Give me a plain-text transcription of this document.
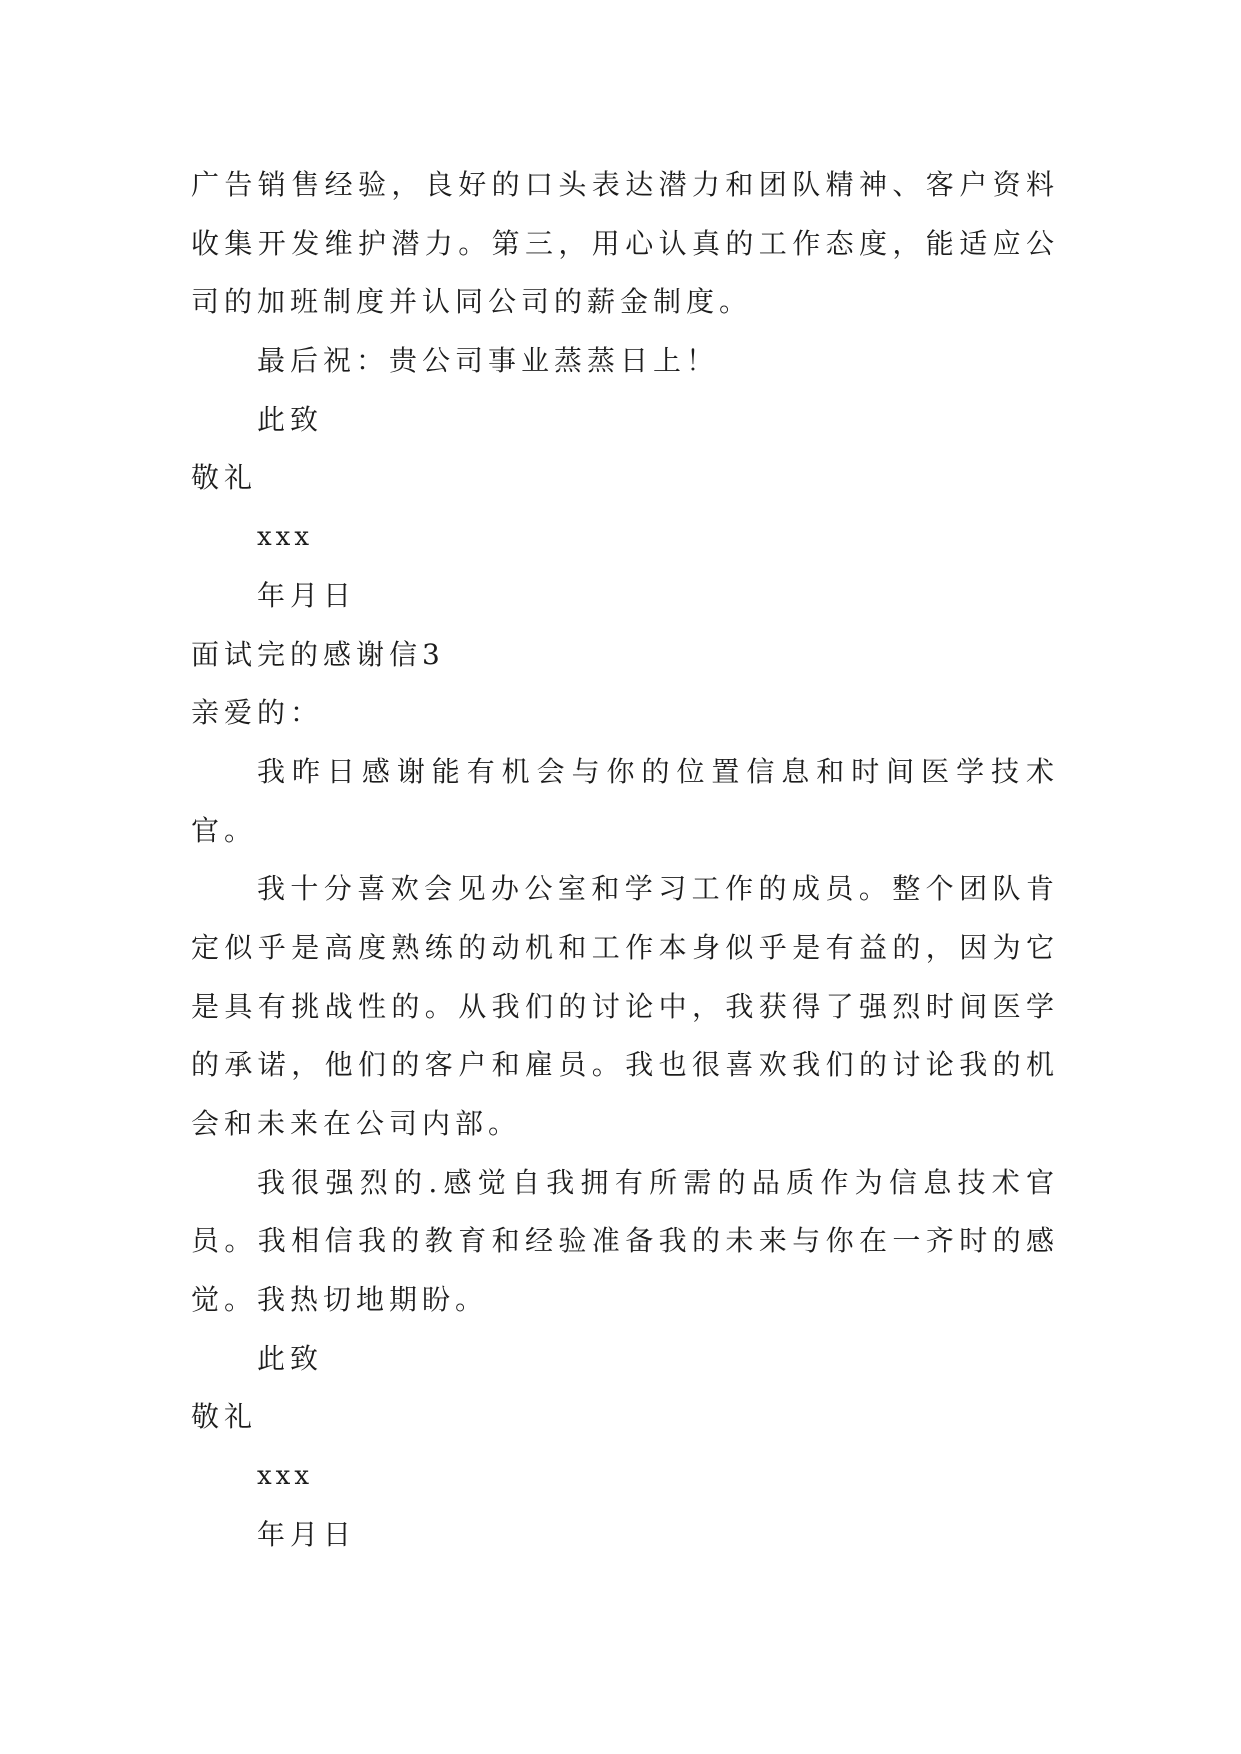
广告销售经验，良好的口头表达潜力和团队精神、客户资料
收集开发维护潜力。第三，用心认真的工作态度，能适应公
司的加班制度并认同公司的薪金制度。
最后祝：贵公司事业蒸蒸日上！
此致
敬礼
xxx
年月日
面试完的感谢信3
亲爱的：
我昨日感谢能有机会与你的位置信息和时间医学技术
官。
我十分喜欢会见办公室和学习工作的成员。整个团队肯
定似乎是高度熟练的动机和工作本身似乎是有益的，因为它
是具有挑战性的。从我们的讨论中，我获得了强烈时间医学
的承诺，他们的客户和雇员。我也很喜欢我们的讨论我的机
会和未来在公司内部。
我很强烈的.感觉自我拥有所需的品质作为信息技术官
员。我相信我的教育和经验准备我的未来与你在一齐时的感
觉。我热切地期盼。
此致
敬礼
xxx
年月日
